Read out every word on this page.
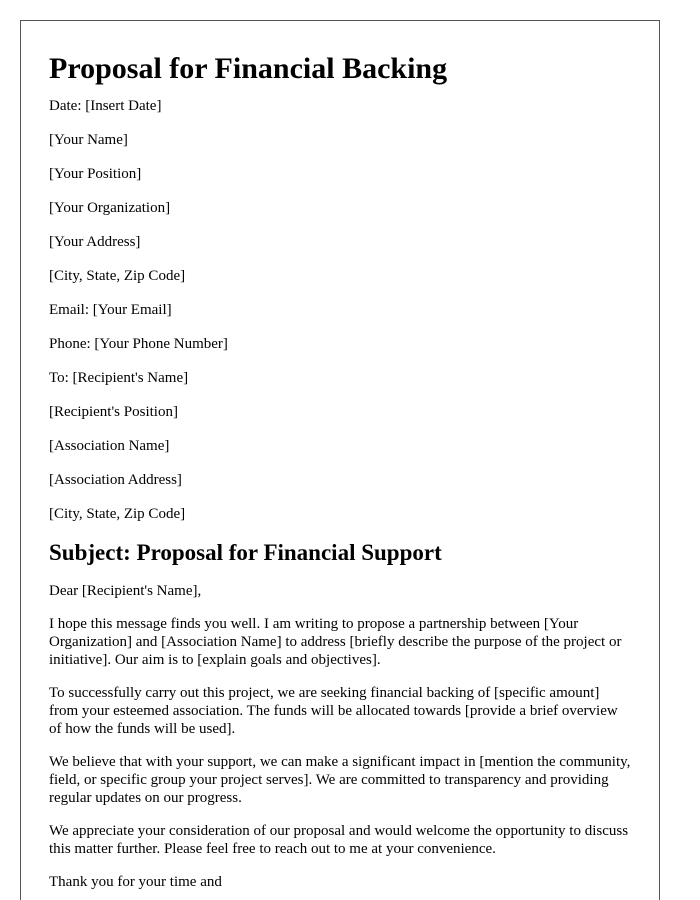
Proposal for Financial Backing
Date: [Insert Date]
[Your Name]
[Your Position]
[Your Organization]
[Your Address]
[City, State, Zip Code]
Email: [Your Email]
Phone: [Your Phone Number]
To: [Recipient's Name]
[Recipient's Position]
[Association Name]
[Association Address]
[City, State, Zip Code]
Subject: Proposal for Financial Support
Dear [Recipient's Name],

I hope this message finds you well. I am writing to propose a partnership between [Your Organization] and [Association Name] to address [briefly describe the purpose of the project or initiative]. Our aim is to [explain goals and objectives].

To successfully carry out this project, we are seeking financial backing of [specific amount] from your esteemed association. The funds will be allocated towards [provide a brief overview of how the funds will be used].

We believe that with your support, we can make a significant impact in [mention the community, field, or specific group your project serves]. We are committed to transparency and providing regular updates on our progress.

We appreciate your consideration of our proposal and would welcome the opportunity to discuss this matter further. Please feel free to reach out to me at your convenience.

Thank you for your time and
